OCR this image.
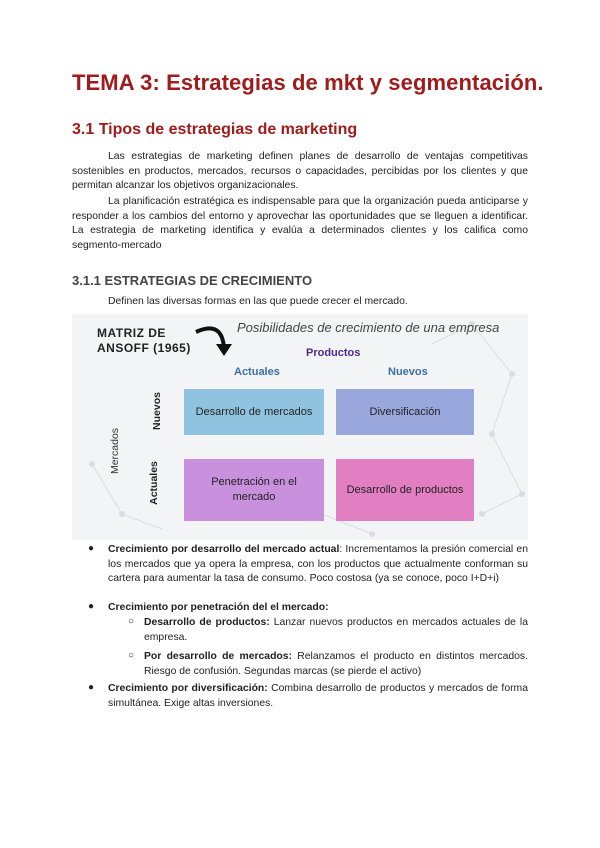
TEMA 3: Estrategias de mkt y segmentación.
3.1 Tipos de estrategias de marketing

Las estrategias de marketing definen planes de desarrollo de ventajas competitivas sostenibles en productos, mercados, recursos o capacidades, percibidas por los clientes y que permitan alcanzar los objetivos organizacionales.

La planificación estratégica es indispensable para que la organización pueda anticiparse y responder a los cambios del entorno y aprovechar las oportunidades que se lleguen a identificar. La estrategia de marketing identifica y evalúa a determinados clientes y los califica como segmento-mercado

3.1.1 ESTRATEGIAS DE CRECIMIENTO

Definen las diversas formas en las que puede crecer el mercado.

MATRIZ DE
ANSOFF (1965)
Posibilidades de crecimiento de una empresa
Productos
Actuales	Nuevos
Mercados
Nuevos
Actuales
Desarrollo de mercados	Diversificación
Penetración en el
mercado
Desarrollo de productos
● Crecimiento por desarrollo del mercado actual: Incrementamos la presión comercial en los mercados que ya opera la empresa, con los productos que actualmente conforman su cartera para aumentar la tasa de consumo. Poco costosa (ya se conoce, poco I+D+i)

● Crecimiento por penetración del el mercado:

○ Desarrollo de productos: Lanzar nuevos productos en mercados actuales de la empresa.

○ Por desarrollo de mercados: Relanzamos el producto en distintos mercados. Riesgo de confusión. Segundas marcas (se pierde el activo)

● Crecimiento por diversificación: Combina desarrollo de productos y mercados de forma simultánea. Exige altas inversiones.
